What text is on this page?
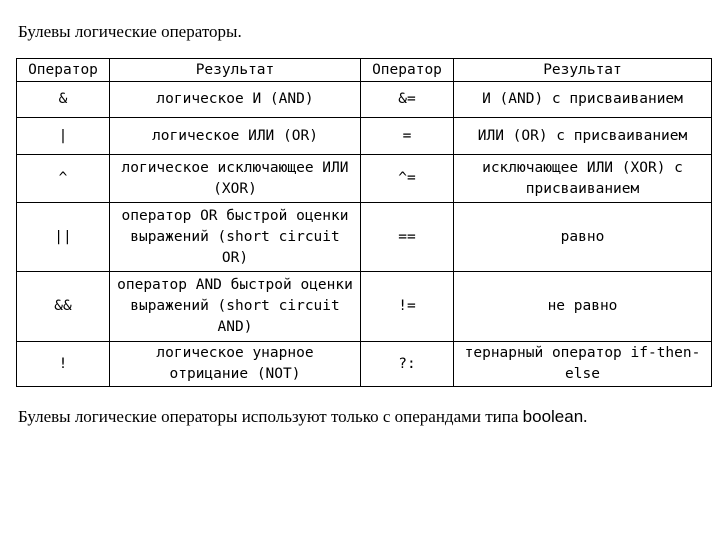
Булевы логические операторы.
Оператор	Результат	Оператор	Результат
&	логическое И (AND)	&=	И (AND) с присваиванием
|	логическое ИЛИ (OR)	=	ИЛИ (OR) с присваиванием
^	логическое исключающее ИЛИ (XOR)	^=	исключающее ИЛИ (XOR) с присваиванием
||	оператор OR быстрой оценки выражений (short circuit OR)	==	равно
&&	оператор AND быстрой оценки выражений (short circuit AND)	!=	не равно
!	логическое унарное отрицание (NOT)	?:	тернарный оператор if-then-else
Булевы логические операторы используют только с операндами типа boolean.
